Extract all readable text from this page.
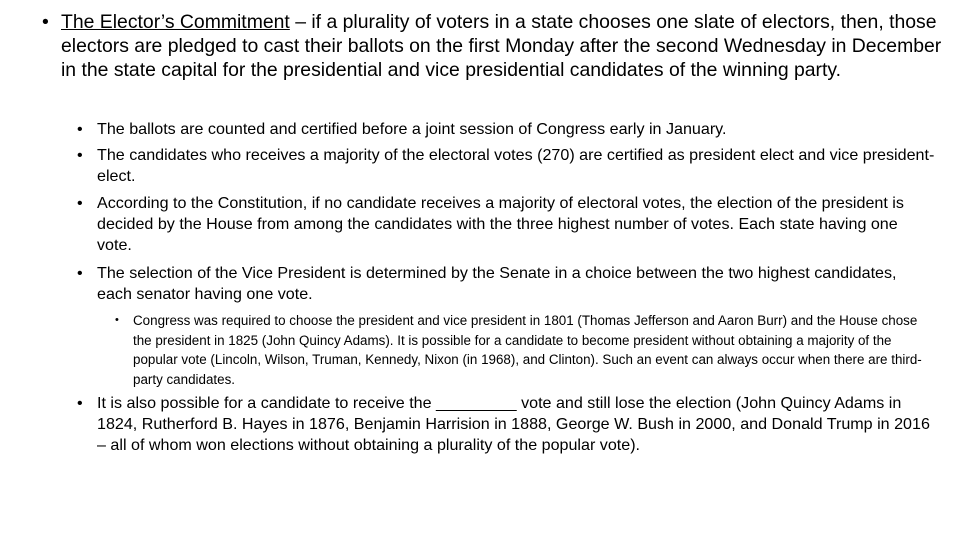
• The Elector’s Commitment – if a plurality of voters in a state chooses one slate of electors, then, those electors are pledged to cast their ballots on the first Monday after the second Wednesday in December in the state capital for the presidential and vice presidential candidates of the winning party.
• The ballots are counted and certified before a joint session of Congress early in January.
• The candidates who receives a majority of the electoral votes (270) are certified as president elect and vice president-elect.
• According to the Constitution, if no candidate receives a majority of electoral votes, the election of the president is decided by the House from among the candidates with the three highest number of votes. Each state having one vote.
• The selection of the Vice President is determined by the Senate in a choice between the two highest candidates, each senator having one vote.
•	Congress was required to choose the president and vice president in 1801 (Thomas Jefferson and Aaron Burr) and the House chose the president in 1825 (John Quincy Adams). It is possible for a candidate to become president without obtaining a majority of the popular vote (Lincoln, Wilson, Truman, Kennedy, Nixon (in 1968), and Clinton). Such an event can always occur when there are third-party candidates.
• It is also possible for a candidate to receive the _________ vote and still lose the election (John Quincy Adams in 1824, Rutherford B. Hayes in 1876, Benjamin Harrision in 1888, George W. Bush in 2000, and Donald Trump in 2016 – all of whom won elections without obtaining a plurality of the popular vote).
